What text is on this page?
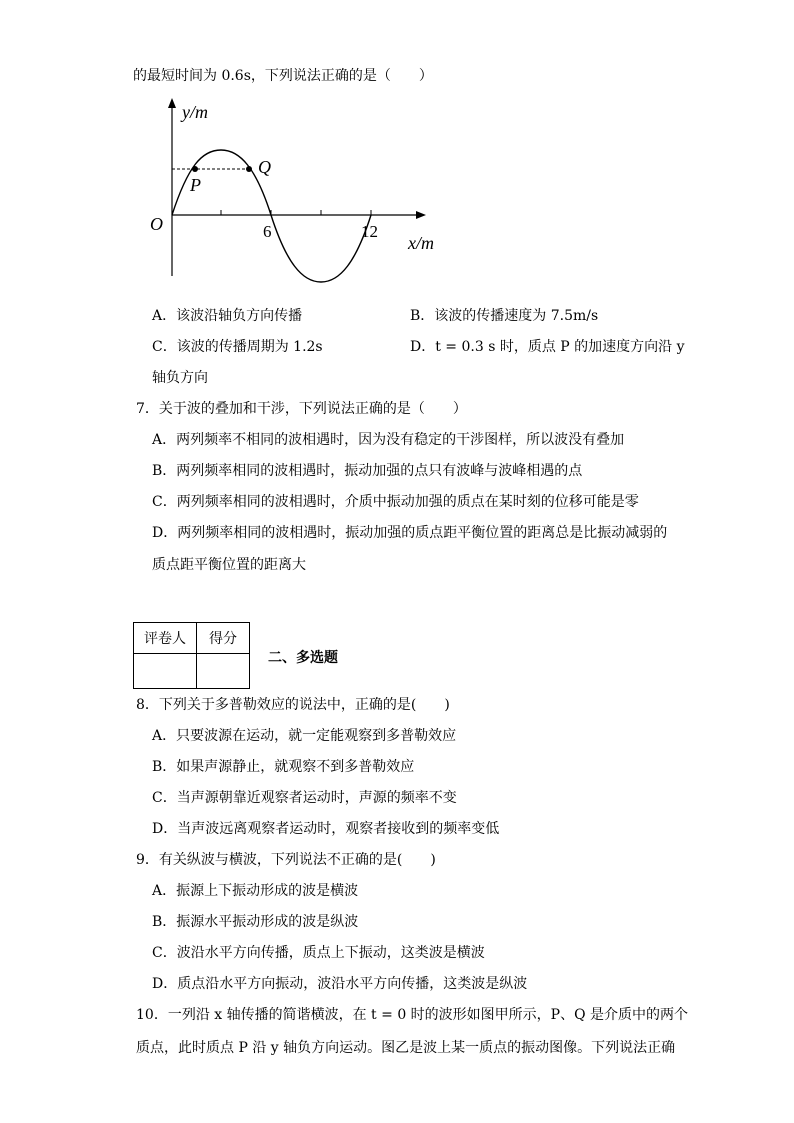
的最短时间为 0.6s，下列说法正确的是（　　）
y/m
x/m
O	6	12
P
Q
A．该波沿轴负方向传播	B．该波的传播速度为 7.5m/s
C．该波的传播周期为 1.2s	D．t = 0.3 s 时，质点 P 的加速度方向沿 y
轴负方向
7．关于波的叠加和干涉，下列说法正确的是（　　）
A．两列频率不相同的波相遇时，因为没有稳定的干涉图样，所以波没有叠加
B．两列频率相同的波相遇时，振动加强的点只有波峰与波峰相遇的点
C．两列频率相同的波相遇时，介质中振动加强的质点在某时刻的位移可能是零
D．两列频率相同的波相遇时，振动加强的质点距平衡位置的距离总是比振动减弱的
质点距平衡位置的距离大
评卷人	得分

二、多选题
8．下列关于多普勒效应的说法中，正确的是(　　)
A．只要波源在运动，就一定能观察到多普勒效应
B．如果声源静止，就观察不到多普勒效应
C．当声源朝靠近观察者运动时，声源的频率不变
D．当声波远离观察者运动时，观察者接收到的频率变低
9．有关纵波与横波，下列说法不正确的是(　　)
A．振源上下振动形成的波是横波
B．振源水平振动形成的波是纵波
C．波沿水平方向传播，质点上下振动，这类波是横波
D．质点沿水平方向振动，波沿水平方向传播，这类波是纵波
10．一列沿 x 轴传播的简谐横波，在 t = 0 时的波形如图甲所示，P、Q 是介质中的两个
质点，此时质点 P 沿 y 轴负方向运动。图乙是波上某一质点的振动图像。下列说法正确
